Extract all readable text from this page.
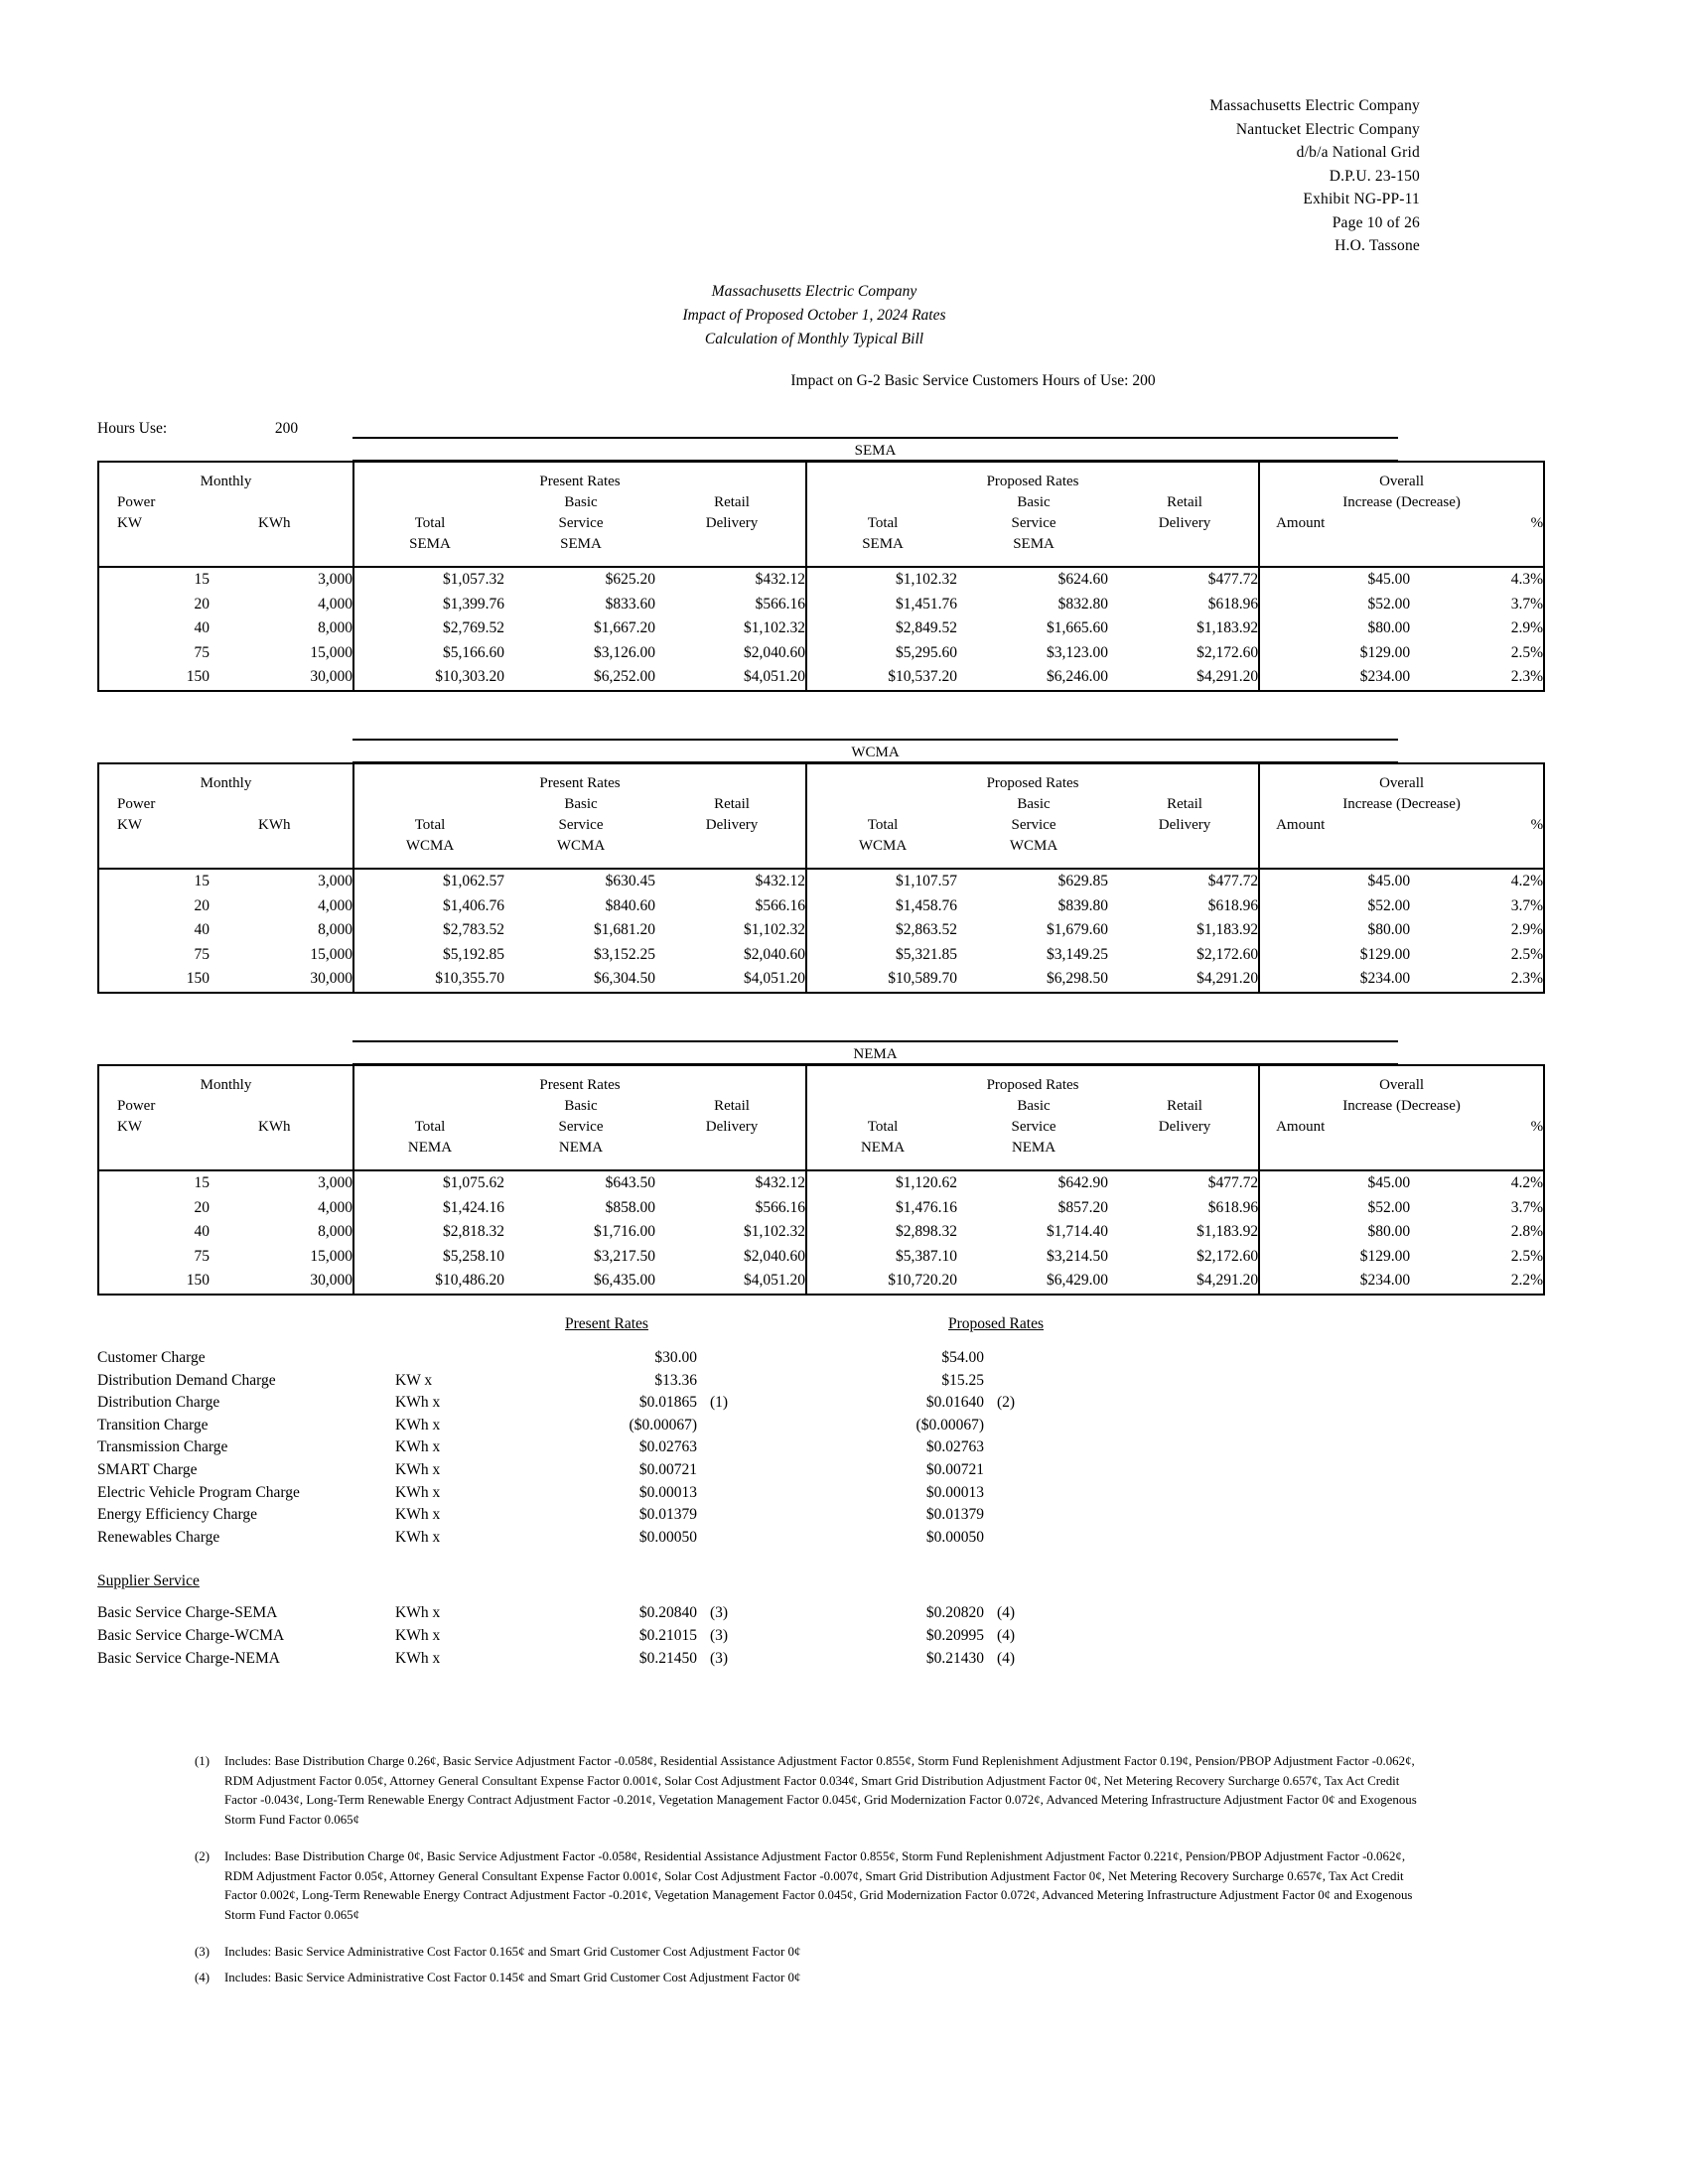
Massachusetts Electric Company
Nantucket Electric Company
d/b/a National Grid
D.P.U. 23-150
Exhibit NG-PP-11
Page 10 of 26
H.O. Tassone
Massachusetts Electric Company
Impact of Proposed October 1, 2024 Rates
Calculation of Monthly Typical Bill
Impact on G-2 Basic Service Customers Hours of Use: 200
Hours Use:	200
SEMA
Monthly
Power
KW	KWh

Present Rates
Basic	Retail
Total	Service	Delivery
SEMA	SEMA

Proposed Rates
Basic	Retail
Total	Service	Delivery
SEMA	SEMA

Overall
Increase (Decrease)
Amount	%

15	3,000	$1,057.32	$625.20	$432.12	$1,102.32	$624.60	$477.72	$45.00	4.3%
20	4,000	$1,399.76	$833.60	$566.16	$1,451.76	$832.80	$618.96	$52.00	3.7%
40	8,000	$2,769.52	$1,667.20	$1,102.32	$2,849.52	$1,665.60	$1,183.92	$80.00	2.9%
75	15,000	$5,166.60	$3,126.00	$2,040.60	$5,295.60	$3,123.00	$2,172.60	$129.00	2.5%
150	30,000	$10,303.20	$6,252.00	$4,051.20	$10,537.20	$6,246.00	$4,291.20	$234.00	2.3%
WCMA
Monthly
Power
KW	KWh

Present Rates
Basic	Retail
Total	Service	Delivery
WCMA	WCMA

Proposed Rates
Basic	Retail
Total	Service	Delivery
WCMA	WCMA

Overall
Increase (Decrease)
Amount	%

15	3,000	$1,062.57	$630.45	$432.12	$1,107.57	$629.85	$477.72	$45.00	4.2%
20	4,000	$1,406.76	$840.60	$566.16	$1,458.76	$839.80	$618.96	$52.00	3.7%
40	8,000	$2,783.52	$1,681.20	$1,102.32	$2,863.52	$1,679.60	$1,183.92	$80.00	2.9%
75	15,000	$5,192.85	$3,152.25	$2,040.60	$5,321.85	$3,149.25	$2,172.60	$129.00	2.5%
150	30,000	$10,355.70	$6,304.50	$4,051.20	$10,589.70	$6,298.50	$4,291.20	$234.00	2.3%
NEMA
Monthly
Power
KW	KWh

Present Rates
Basic	Retail
Total	Service	Delivery
NEMA	NEMA

Proposed Rates
Basic	Retail
Total	Service	Delivery
NEMA	NEMA

Overall
Increase (Decrease)
Amount	%

15	3,000	$1,075.62	$643.50	$432.12	$1,120.62	$642.90	$477.72	$45.00	4.2%
20	4,000	$1,424.16	$858.00	$566.16	$1,476.16	$857.20	$618.96	$52.00	3.7%
40	8,000	$2,818.32	$1,716.00	$1,102.32	$2,898.32	$1,714.40	$1,183.92	$80.00	2.8%
75	15,000	$5,258.10	$3,217.50	$2,040.60	$5,387.10	$3,214.50	$2,172.60	$129.00	2.5%
150	30,000	$10,486.20	$6,435.00	$4,051.20	$10,720.20	$6,429.00	$4,291.20	$234.00	2.2%
Present Rates	Proposed Rates
Customer Charge		$30.00		$54.00		
Distribution Demand Charge	KW x	$13.36		$15.25		
Distribution Charge	KWh x	$0.01865	(1)	$0.01640	(2)	
Transition Charge	KWh x	($0.00067)		($0.00067)		
Transmission Charge	KWh x	$0.02763		$0.02763		
SMART Charge	KWh x	$0.00721		$0.00721		
Electric Vehicle Program Charge	KWh x	$0.00013		$0.00013		
Energy Efficiency Charge	KWh x	$0.01379		$0.01379		
Renewables Charge	KWh x	$0.00050		$0.00050		
Supplier Service
Basic Service Charge-SEMA	KWh x	$0.20840	(3)	$0.20820	(4)	
Basic Service Charge-WCMA	KWh x	$0.21015	(3)	$0.20995	(4)	
Basic Service Charge-NEMA	KWh x	$0.21450	(3)	$0.21430	(4)	
(1) Includes: Base Distribution Charge 0.26¢, Basic Service Adjustment Factor -0.058¢, Residential Assistance Adjustment Factor 0.855¢, Storm Fund Replenishment Adjustment Factor 0.19¢, Pension/PBOP Adjustment Factor -0.062¢, RDM Adjustment Factor 0.05¢, Attorney General Consultant Expense Factor 0.001¢, Solar Cost Adjustment Factor 0.034¢, Smart Grid Distribution Adjustment Factor 0¢, Net Metering Recovery Surcharge 0.657¢, Tax Act Credit Factor -0.043¢, Long-Term Renewable Energy Contract Adjustment Factor -0.201¢, Vegetation Management Factor 0.045¢, Grid Modernization Factor 0.072¢, Advanced Metering Infrastructure Adjustment Factor 0¢ and Exogenous Storm Fund Factor 0.065¢
(2) Includes: Base Distribution Charge 0¢, Basic Service Adjustment Factor -0.058¢, Residential Assistance Adjustment Factor 0.855¢, Storm Fund Replenishment Adjustment Factor 0.221¢, Pension/PBOP Adjustment Factor -0.062¢, RDM Adjustment Factor 0.05¢, Attorney General Consultant Expense Factor 0.001¢, Solar Cost Adjustment Factor -0.007¢, Smart Grid Distribution Adjustment Factor 0¢, Net Metering Recovery Surcharge 0.657¢, Tax Act Credit Factor 0.002¢, Long-Term Renewable Energy Contract Adjustment Factor -0.201¢, Vegetation Management Factor 0.045¢, Grid Modernization Factor 0.072¢, Advanced Metering Infrastructure Adjustment Factor 0¢ and Exogenous Storm Fund Factor 0.065¢
(3) Includes: Basic Service Administrative Cost Factor 0.165¢ and Smart Grid Customer Cost Adjustment Factor 0¢
(4) Includes: Basic Service Administrative Cost Factor 0.145¢ and Smart Grid Customer Cost Adjustment Factor 0¢
